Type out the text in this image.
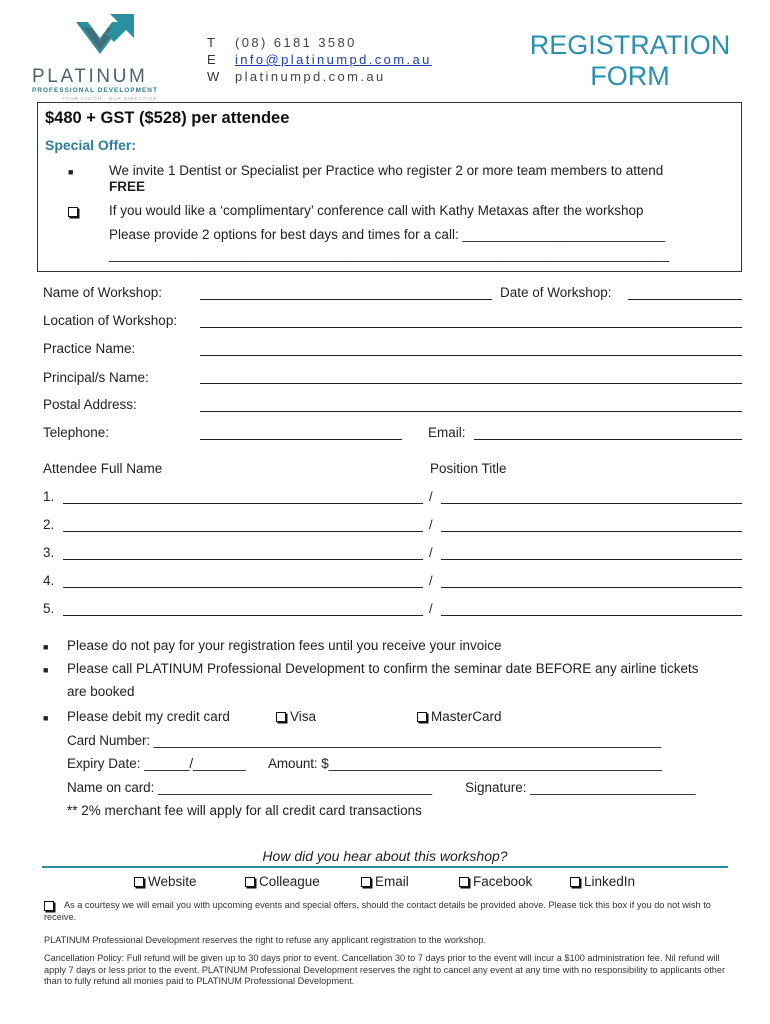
PLATINUM
PROFESSIONAL DEVELOPMENT
YOUR VISION · OUR DIRECTION
T (08) 6181 3580
E info@platinumpd.com.au
W platinumpd.com.au
REGISTRATION
FORM
$480 + GST ($528) per attendee
Special Offer:
■	We invite 1 Dentist or Specialist per Practice who register 2 or more team members to attend
FREE
If you would like a ‘complimentary’ conference call with Kathy Metaxas after the workshop
Please provide 2 options for best days and times for a call: ___________________________
_________________________________________________________________________________
Name of Workshop:	Date of Workshop:
Location of Workshop:
Practice Name:
Principal/s Name:
Postal Address:
Telephone:	Email:
Attendee Full Name	Position Title
1.	/
2.	/
3.	/
4.	/
5.	/
■ Please do not pay for your registration fees until you receive your invoice
■ Please call PLATINUM Professional Development to confirm the seminar date BEFORE any airline tickets
are booked
■ Please debit my credit card	Visa	MasterCard
Card Number: _____________________________________________________________________
Expiry Date: ______/_______ Amount: $_____________________________________________
Name on card: _____________________________________ Signature: ______________________
** 2% merchant fee will apply for all credit card transactions
How did you hear about this workshop?
Website	Colleague	Email	Facebook	LinkedIn
As a courtesy we will email you with upcoming events and special offers, should the contact details be provided above. Please tick this box if you do not wish to receive.
PLATINUM Professional Development reserves the right to refuse any applicant registration to the workshop.
Cancellation Policy: Full refund will be given up to 30 days prior to event. Cancellation 30 to 7 days prior to the event will incur a $100 administration fee. Nil refund will apply 7 days or less prior to the event. PLATINUM Professional Development reserves the right to cancel any event at any time with no responsibility to applicants other than to fully refund all monies paid to PLATINUM Professional Development.
